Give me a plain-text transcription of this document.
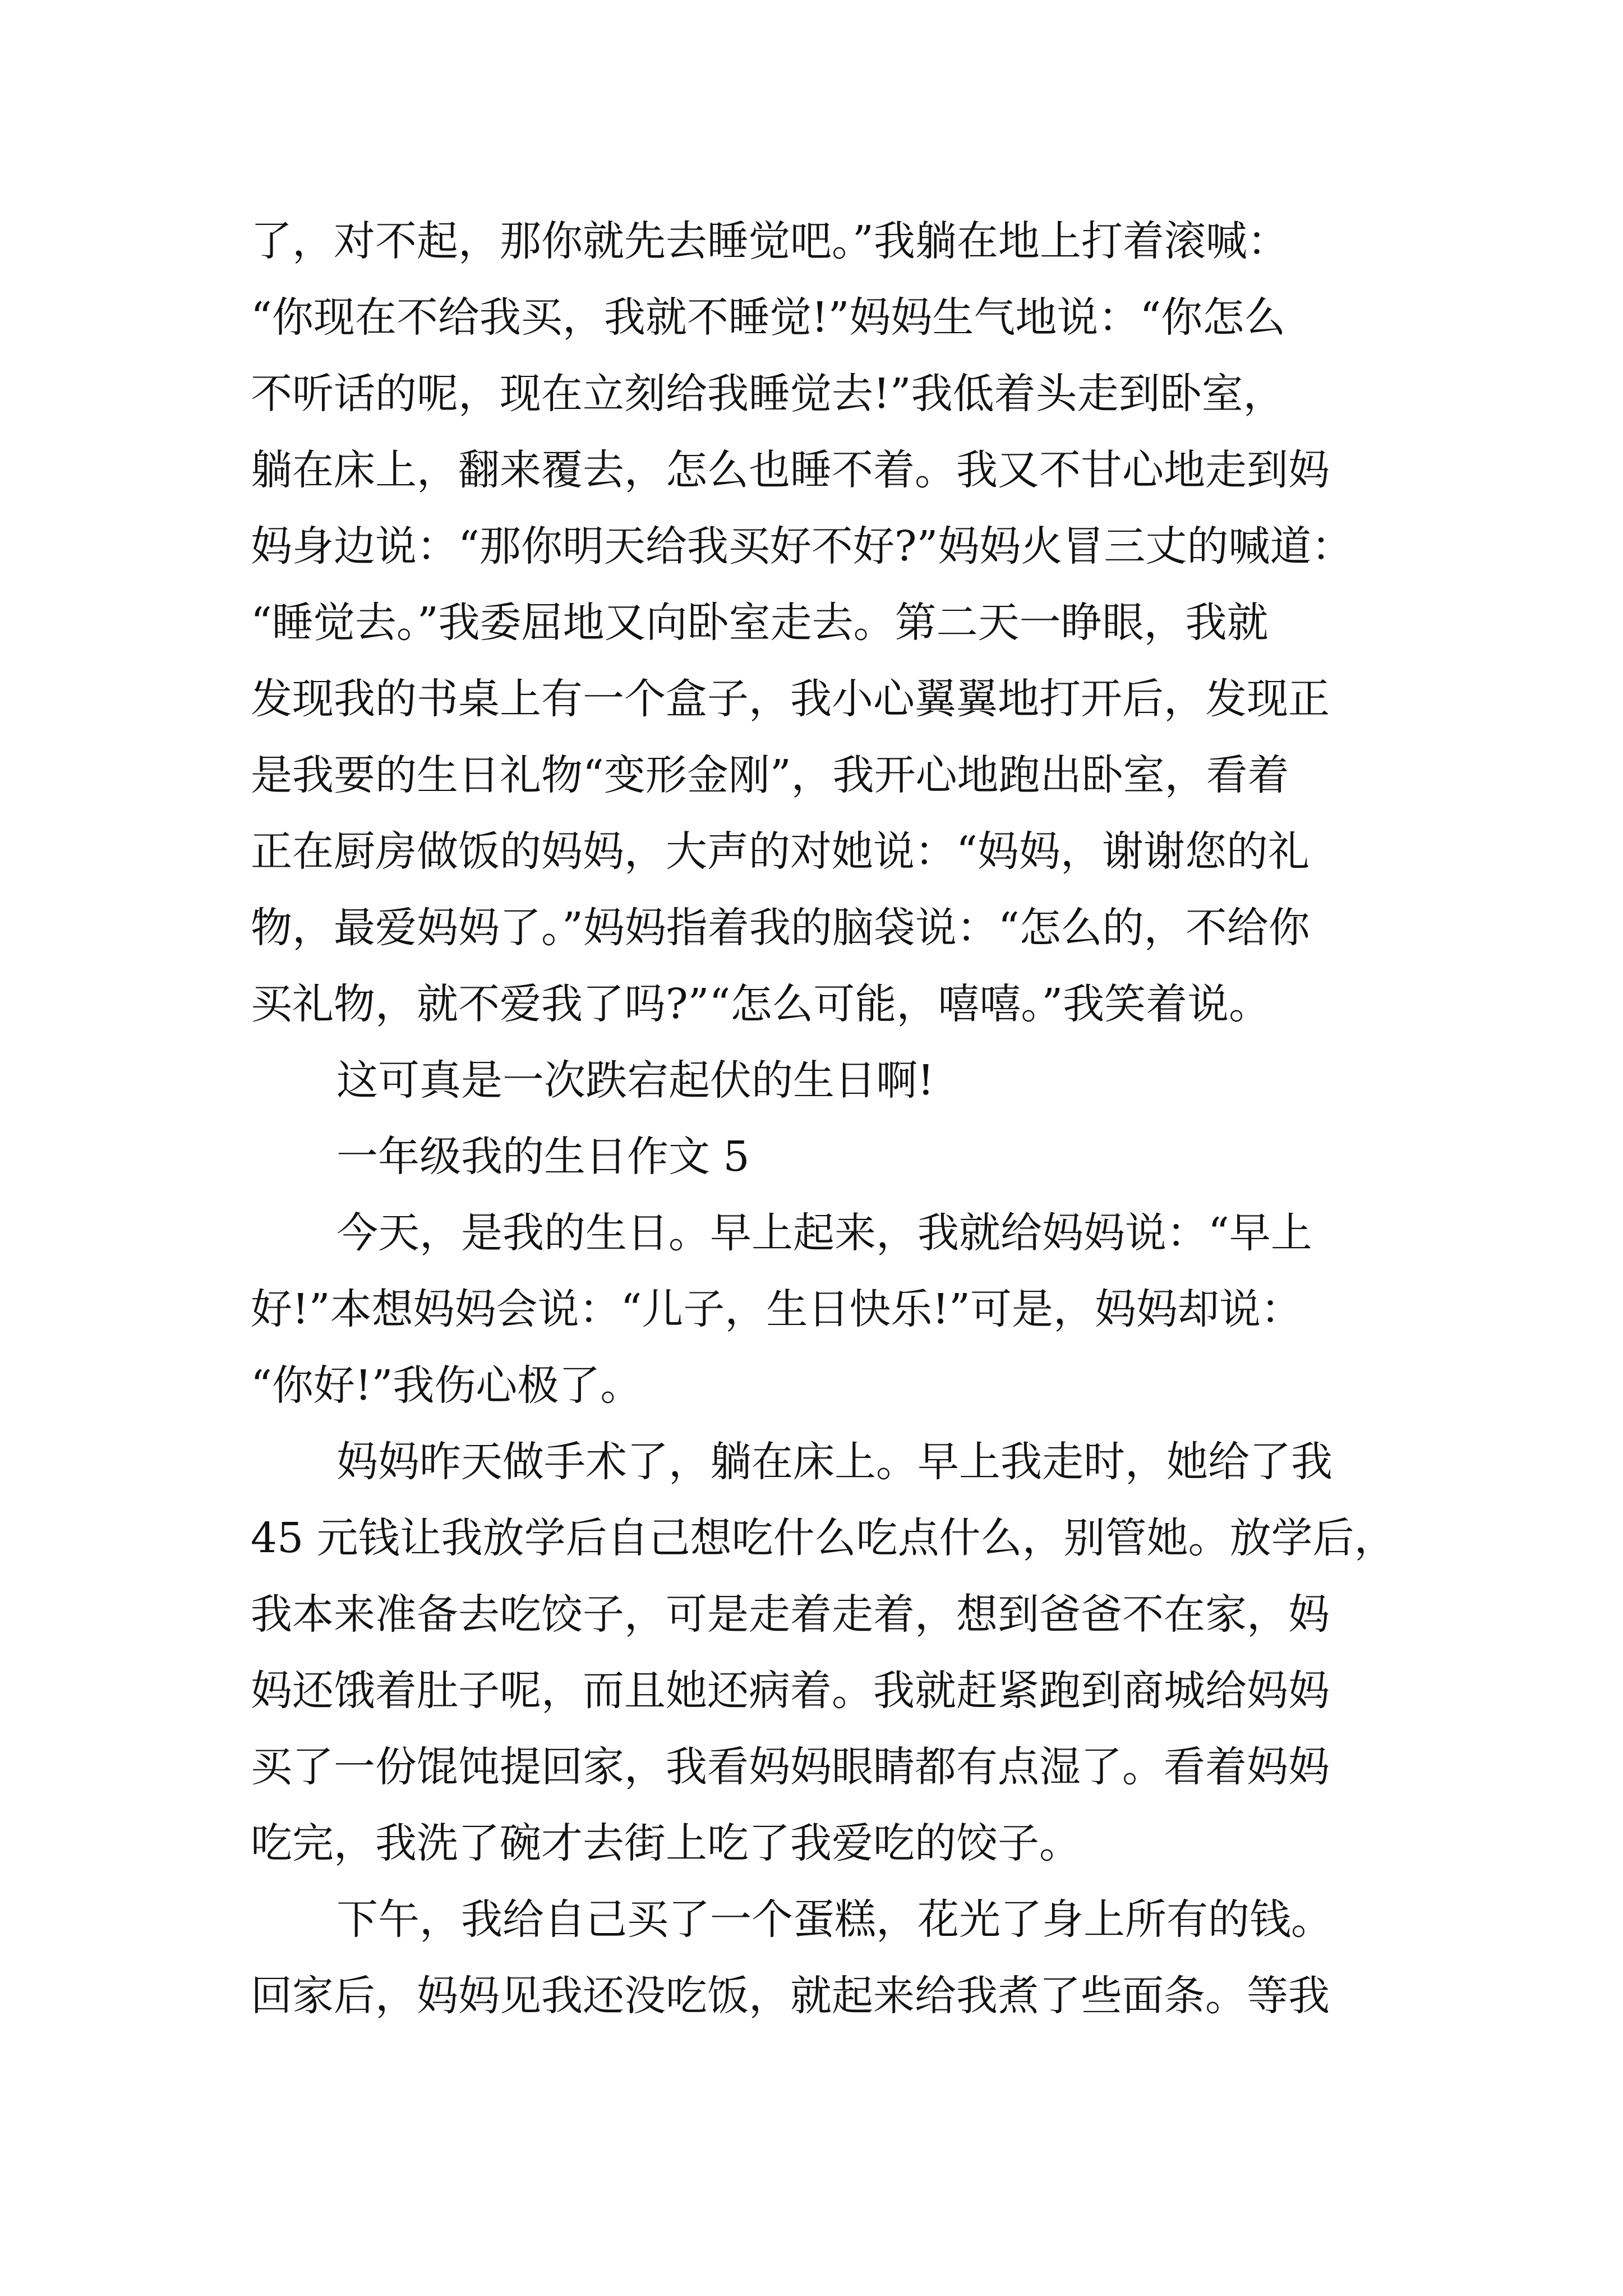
了，对不起，那你就先去睡觉吧。”我躺在地上打着滚喊：
“你现在不给我买，我就不睡觉!”妈妈生气地说：“你怎么
不听话的呢，现在立刻给我睡觉去!”我低着头走到卧室，
躺在床上，翻来覆去，怎么也睡不着。我又不甘心地走到妈
妈身边说：“那你明天给我买好不好?”妈妈火冒三丈的喊道：
“睡觉去。”我委屈地又向卧室走去。第二天一睁眼，我就
发现我的书桌上有一个盒子，我小心翼翼地打开后，发现正
是我要的生日礼物“变形金刚”，我开心地跑出卧室，看着
正在厨房做饭的妈妈，大声的对她说：“妈妈，谢谢您的礼
物，最爱妈妈了。”妈妈指着我的脑袋说：“怎么的，不给你
买礼物，就不爱我了吗?”“怎么可能，嘻嘻。”我笑着说。
这可真是一次跌宕起伏的生日啊!
一年级我的生日作文 5
今天，是我的生日。早上起来，我就给妈妈说：“早上
好!”本想妈妈会说：“儿子，生日快乐!”可是，妈妈却说：
“你好!”我伤心极了。
妈妈昨天做手术了，躺在床上。早上我走时，她给了我
45 元钱让我放学后自己想吃什么吃点什么，别管她。放学后，
我本来准备去吃饺子，可是走着走着，想到爸爸不在家，妈
妈还饿着肚子呢，而且她还病着。我就赶紧跑到商城给妈妈
买了一份馄饨提回家，我看妈妈眼睛都有点湿了。看着妈妈
吃完，我洗了碗才去街上吃了我爱吃的饺子。
下午，我给自己买了一个蛋糕，花光了身上所有的钱。
回家后，妈妈见我还没吃饭，就起来给我煮了些面条。等我
